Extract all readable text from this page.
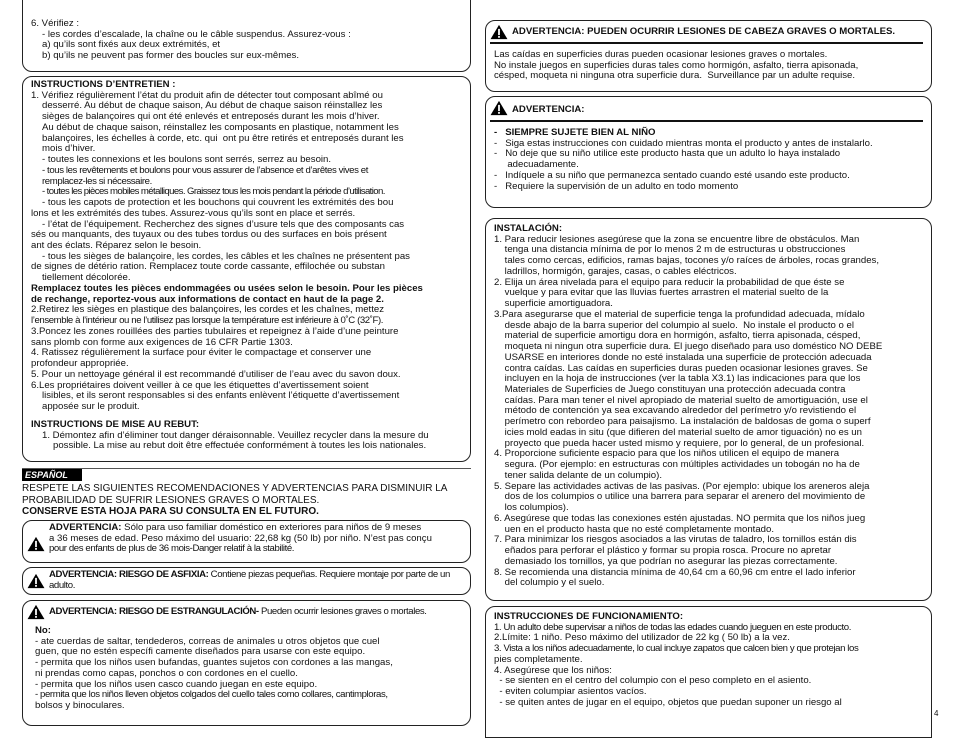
6. Vérifiez :

- les cordes d’escalade, la chaîne ou le câble suspendus. Assurez-vous :

a) qu’ils sont fixés aux deux extrémités, et

b) qu’ils ne peuvent pas former des boucles sur eux-mêmes.

INSTRUCTIONS D’ENTRETIEN :

1. Vérifiez régulièrement l’état du produit afin de détecter tout composant abîmé ou

desserré. Au début de chaque saison, Au début de chaque saison réinstallez les

sièges de balançoires qui ont été enlevés et entreposés durant les mois d’hiver.

Au début de chaque saison, réinstallez les composants en plastique, notamment les

balançoires, les échelles à corde, etc. qui  ont pu être retirés et entreposés durant les

mois d’hiver.

- toutes les connexions et les boulons sont serrés, serrez au besoin.

- tous les revêtements et boulons pour vous assurer de l’absence et d’arêtes vives et

remplacez-les si nécessaire.

- toutes les pièces mobiles métalliques. Graissez tous les mois pendant la période d’utilisation.

- tous les capots de protection et les bouchons qui couvrent les extrémités des bou

lons et les extrémités des tubes. Assurez-vous qu’ils sont en place et serrés.

- l’état de l’équipement. Recherchez des signes d’usure tels que des composants cas

sés ou manquants, des tuyaux ou des tubes tordus ou des surfaces en bois présent

ant des éclats. Réparez selon le besoin.

- tous les sièges de balançoire, les cordes, les câbles et les chaînes ne présentent pas

de signes de détério ration. Remplacez toute corde cassante, effilochée ou substan

tiellement décolorée.

Remplacez toutes les pièces endommagées ou usées selon le besoin. Pour les pièces

de rechange, reportez-vous aux informations de contact en haut de la page 2.

2.Retirez les sièges en plastique des balançoires, les cordes et les chaînes, mettez

l’ensemble à l’intérieur ou ne l’utilisez pas lorsque la température est inférieure à 0˚C (32˚F).

3.Poncez les zones rouillées des parties tubulaires et repeignez à l’aide d’une peinture

sans plomb con forme aux exigences de 16 CFR Partie 1303.

4. Ratissez régulièrement la surface pour éviter le compactage et conserver une

profondeur appropriée.

5. Pour un nettoyage général il est recommandé d’utiliser de l’eau avec du savon doux.

6.Les propriétaires doivent veiller à ce que les étiquettes d’avertissement soient

lisibles, et ils seront responsables si des enfants enlèvent l’étiquette d’avertissement

apposée sur le produit.

INSTRUCTIONS DE MISE AU REBUT:

1. Démontez afin d’éliminer tout danger déraisonnable. Veuillez recycler dans la mesure du

possible. La mise au rebut doit être effectuée conformément à toutes les lois nationales.

ESPAÑOL

RESPETE LAS SIGUIENTES RECOMENDACIONES Y ADVERTENCIAS PARA DISMINUIR LA

PROBABILIDAD DE SUFRIR LESIONES GRAVES O MORTALES.

CONSERVE ESTA HOJA PARA SU CONSULTA EN EL FUTURO.

ADVERTENCIA: Sólo para uso familiar doméstico en exteriores para niños de 9 meses

a 36 meses de edad. Peso máximo del usuario: 22,68 kg (50 lb) por niño. N’est pas conçu

pour des enfants de plus de 36 mois-Danger relatif à la stabilité.

ADVERTENCIA: RIESGO DE ASFIXIA: Contiene piezas pequeñas. Requiere montaje por parte de un adulto.
ADVERTENCIA: RIESGO DE ESTRANGULACIÓN- Pueden ocurrir lesiones graves o mortales.
No:

- ate cuerdas de saltar, tendederos, correas de animales u otros objetos que cuel

guen, que no estén específi camente diseñados para usarse con este equipo.

- permita que los niños usen bufandas, guantes sujetos con cordones a las mangas,

ni prendas como capas, ponchos o con cordones en el cuello.

- permita que los niños usen casco cuando juegan en este equipo.

- permita que los niños lleven objetos colgados del cuello tales como collares, cantimploras,

bolsos y binoculares.

ADVERTENCIA: PUEDEN OCURRIR LESIONES DE CABEZA GRAVES O MORTALES.

Las caídas en superficies duras pueden ocasionar lesiones graves o mortales.

No instale juegos en superficies duras tales como hormigón, asfalto, tierra apisonada,

césped, moqueta ni ninguna otra superficie dura.  Surveillance par un adulte requise.

ADVERTENCIA:

-   SIEMPRE SUJETE BIEN AL NIÑO

-   Siga estas instrucciones con cuidado mientras monta el producto y antes de instalarlo.

-   No deje que su niño utilice este producto hasta que un adulto lo haya instalado

adecuadamente.

-   Indíquele a su niño que permanezca sentado cuando esté usando este producto.

-   Requiere la supervisión de un adulto en todo momento

INSTALACIÓN:

1. Para reducir lesiones asegúrese que la zona se encuentre libre de obstáculos. Man

tenga una distancia mínima de por lo menos 2 m de estructuras u obstrucciones

tales como cercas, edificios, ramas bajas, tocones y/o raíces de árboles, rocas grandes,

ladrillos, hormigón, garajes, casas, o cables eléctricos.

2. Elija un área nivelada para el equipo para reducir la probabilidad de que éste se

vuelque y para evitar que las lluvias fuertes arrastren el material suelto de la

superficie amortiguadora.

3.Para asegurarse que el material de superficie tenga la profundidad adecuada, mídalo

desde abajo de la barra superior del columpio al suelo.  No instale el producto o el

material de superficie amortigu dora en hormigón, asfalto, tierra apisonada, césped,

moqueta ni ningun otra superficie dura. El juego diseñado para uso doméstico NO DEBE

USARSE en interiores donde no esté instalada una superficie de protección adecuada

contra caídas. Las caídas en superficies duras pueden ocasionar lesiones graves. Se

incluyen en la hoja de instrucciones (ver la tabla X3.1) las indicaciones para que los

Materiales de Superficies de Juego constituyan una protección adecuada contra

caídas. Para man tener el nivel apropiado de material suelto de amortiguación, use el

método de contención ya sea excavando alrededor del perímetro y/o revistiendo el

perímetro con rebordeo para paisajismo. La instalación de baldosas de goma o superf

icies mold eadas in situ (que difieren del material suelto de amor tiguación) no es un

proyecto que pueda hacer usted mismo y requiere, por lo general, de un profesional.

4. Proporcione suficiente espacio para que los niños utilicen el equipo de manera

segura. (Por ejemplo: en estructuras con múltiples actividades un tobogán no ha de

tener salida delante de un columpio).

5. Separe las actividades activas de las pasivas. (Por ejemplo: ubique los areneros aleja

dos de los columpios o utilice una barrera para separar el arenero del movimiento de

los columpios).

6. Asegúrese que todas las conexiones estén ajustadas. NO permita que los niños jueg

uen en el producto hasta que no esté completamente montado.

7. Para minimizar los riesgos asociados a las virutas de taladro, los tornillos están dis

eñados para perforar el plástico y formar su propia rosca. Procure no apretar

demasiado los tornillos, ya que podrían no asegurar las piezas correctamente.

8. Se recomienda una distancia mínima de 40,64 cm a 60,96 cm entre el lado inferior

del columpio y el suelo.

INSTRUCCIONES DE FUNCIONAMIENTO:

1. Un adulto debe supervisar a niños de todas las edades cuando jueguen en este producto.

2.Límite: 1 niño. Peso máximo del utilizador de 22 kg ( 50 lb) a la vez.

3. Vista a los niños adecuadamente, lo cual incluye zapatos que calcen bien y que protejan los

pies completamente.

4. Asegúrese que los niños:

- se sienten en el centro del columpio con el peso completo en el asiento.

- eviten columpiar asientos vacíos.

- se quiten antes de jugar en el equipo, objetos que puedan suponer un riesgo al

4
